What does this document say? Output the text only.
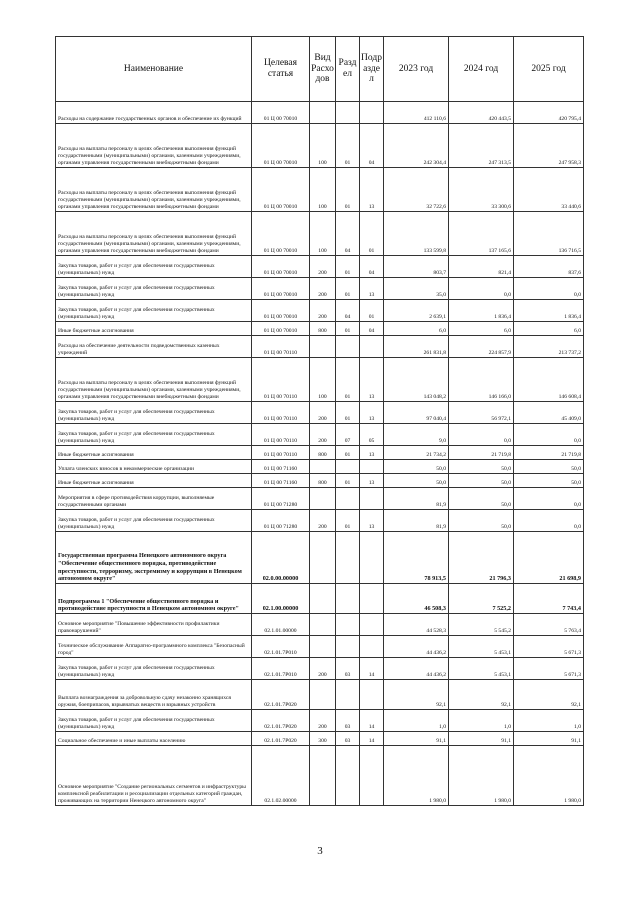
Наименование	Целевая статья	Вид Расхо дов	Разд ел	Подр азде л	2023 год	2024 год	2025 год
Расходы на содержание государственных органов и обеспечение их функций	01 Ц 00 70010				412 110,6	420 443,5	420 795,4
Расходы на выплаты персоналу в целях обеспечения выполнения функций государственными (муниципальными) органами, казенными учреждениями, органами управления государственными внебюджетными фондами	01 Ц 00 70010	100	01	04	242 304,4	247 313,5	247 958,3
Расходы на выплаты персоналу в целях обеспечения выполнения функций государственными (муниципальными) органами, казенными учреждениями, органами управления государственными внебюджетными фондами	01 Ц 00 70010	100	01	13	32 722,6	33 300,6	33 440,6
Расходы на выплаты персоналу в целях обеспечения выполнения функций государственными (муниципальными) органами, казенными учреждениями, органами управления государственными внебюджетными фондами	01 Ц 00 70010	100	04	01	133 599,8	137 165,6	136 716,5
Закупка товаров, работ и услуг для обеспечения государственных (муниципальных) нужд	01 Ц 00 70010	200	01	04	803,7	821,4	837,6
Закупка товаров, работ и услуг для обеспечения государственных (муниципальных) нужд	01 Ц 00 70010	200	01	13	35,0	0,0	0,0
Закупка товаров, работ и услуг для обеспечения государственных (муниципальных) нужд	01 Ц 00 70010	200	04	01	2 639,1	1 836,4	1 836,4
Иные бюджетные ассигнования	01 Ц 00 70010	800	01	04	6,0	6,0	6,0
Расходы на обеспечение деятельности подведомственных казенных учреждений	01 Ц 00 70110				261 831,8	224 857,9	213 737,2
Расходы на выплаты персоналу в целях обеспечения выполнения функций государственными (муниципальными) органами, казенными учреждениями, органами управления государственными внебюджетными фондами	01 Ц 00 70110	100	01	13	143 048,2	146 166,0	146 608,4
Закупка товаров, работ и услуг для обеспечения государственных (муниципальных) нужд	01 Ц 00 70110	200	01	13	97 040,4	56 972,1	45 409,0
Закупка товаров, работ и услуг для обеспечения государственных (муниципальных) нужд	01 Ц 00 70110	200	07	05	9,0	0,0	0,0
Иные бюджетные ассигнования	01 Ц 00 70110	800	01	13	21 734,2	21 719,8	21 719,8
Уплата членских взносов в некоммерческие организации	01 Ц 00 71160				50,0	50,0	50,0
Иные бюджетные ассигнования	01 Ц 00 71160	800	01	13	50,0	50,0	50,0
Мероприятия в сфере противодействия коррупции, выполняемые государственными органами	01 Ц 00 71280				81,9	50,0	0,0
Закупка товаров, работ и услуг для обеспечения государственных (муниципальных) нужд	01 Ц 00 71280	200	01	13	81,9	50,0	0,0
Государственная программа Ненецкого автономного округа "Обеспечение общественного порядка, противодействие преступности, терроризму, экстремизму и коррупции в Ненецком автономном округе"	02.0.00.00000				78 913,5	21 796,3	21 698,9
Подпрограмма 1 "Обеспечение общественного порядка и противодействие преступности в Ненецком автономном округе"	02.1.00.00000				46 508,3	7 525,2	7 743,4
Основное мероприятие "Повышение эффективности профилактики правонарушений"	02.1.01.00000				44 528,3	5 545,2	5 763,4
Техническое обслуживание Аппаратно-программного комплекса "Безопасный город"	02.1.01.7Р010				44 436,2	5 453,1	5 671,3
Закупка товаров, работ и услуг для обеспечения государственных (муниципальных) нужд	02.1.01.7Р010	200	03	14	44 436,2	5 453,1	5 671,3
Выплата вознаграждения за добровольную сдачу незаконно хранящихся оружия, боеприпасов, взрывчатых веществ и взрывных устройств	02.1.01.7Р020				92,1	92,1	92,1
Закупка товаров, работ и услуг для обеспечения государственных (муниципальных) нужд	02.1.01.7Р020	200	03	14	1,0	1,0	1,0
Социальное обеспечение и иные выплаты населению	02.1.01.7Р020	300	03	14	91,1	91,1	91,1
Основное мероприятие "Создание региональных сегментов и инфраструктуры комплексной реабилитации и ресоциализации отдельных категорий граждан, проживающих на территории Ненецкого автономного округа"	02.1.02.00000				1 980,0	1 980,0	1 980,0
3
